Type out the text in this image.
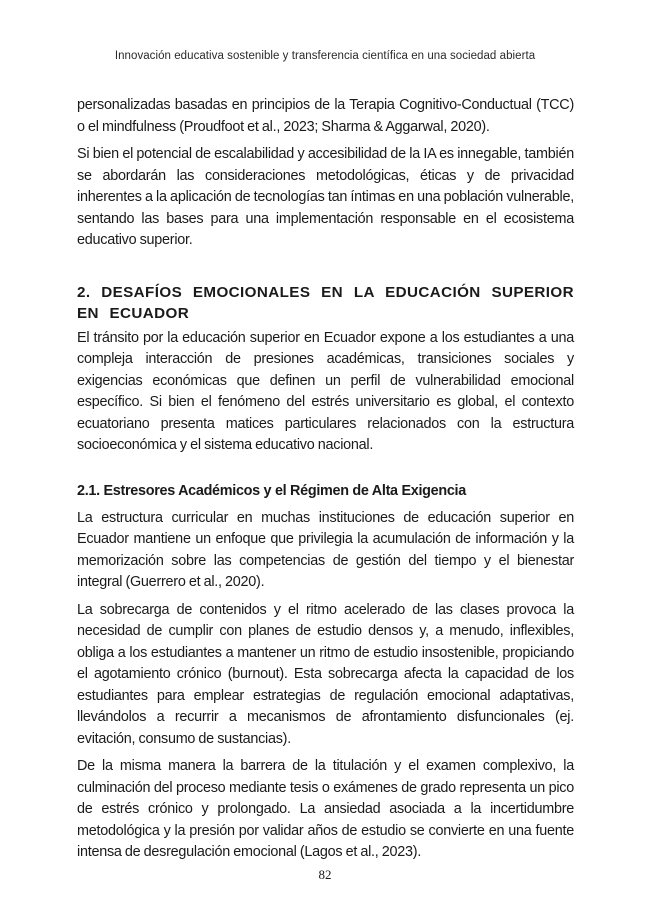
Innovación educativa sostenible y transferencia científica en una sociedad abierta

personalizadas basadas en principios de la Terapia Cognitivo-Conductual (TCC) o el mindfulness (Proudfoot et al., 2023; Sharma & Aggarwal, 2020).

Si bien el potencial de escalabilidad y accesibilidad de la IA es innegable, también se abordarán las consideraciones metodológicas, éticas y de privacidad inherentes a la aplicación de tecnologías tan íntimas en una población vulnerable, sentando las bases para una implementación responsable en el ecosistema educativo superior.

2. DESAFÍOS EMOCIONALES EN LA EDUCACIÓN SUPERIOR EN ECUADOR

El tránsito por la educación superior en Ecuador expone a los estudiantes a una compleja interacción de presiones académicas, transiciones sociales y exigencias económicas que definen un perfil de vulnerabilidad emocional específico. Si bien el fenómeno del estrés universitario es global, el contexto ecuatoriano presenta matices particulares relacionados con la estructura socioeconómica y el sistema educativo nacional.

2.1. Estresores Académicos y el Régimen de Alta Exigencia

La estructura curricular en muchas instituciones de educación superior en Ecuador mantiene un enfoque que privilegia la acumulación de información y la memorización sobre las competencias de gestión del tiempo y el bienestar integral (Guerrero et al., 2020).

La sobrecarga de contenidos y el ritmo acelerado de las clases provoca la necesidad de cumplir con planes de estudio densos y, a menudo, inflexibles, obliga a los estudiantes a mantener un ritmo de estudio insostenible, propiciando el agotamiento crónico (burnout). Esta sobrecarga afecta la capacidad de los estudiantes para emplear estrategias de regulación emocional adaptativas, llevándolos a recurrir a mecanismos de afrontamiento disfuncionales (ej. evitación, consumo de sustancias).

De la misma manera la barrera de la titulación y el examen complexivo, la culminación del proceso mediante tesis o exámenes de grado representa un pico de estrés crónico y prolongado. La ansiedad asociada a la incertidumbre metodológica y la presión por validar años de estudio se convierte en una fuente intensa de desregulación emocional (Lagos et al., 2023).

82
